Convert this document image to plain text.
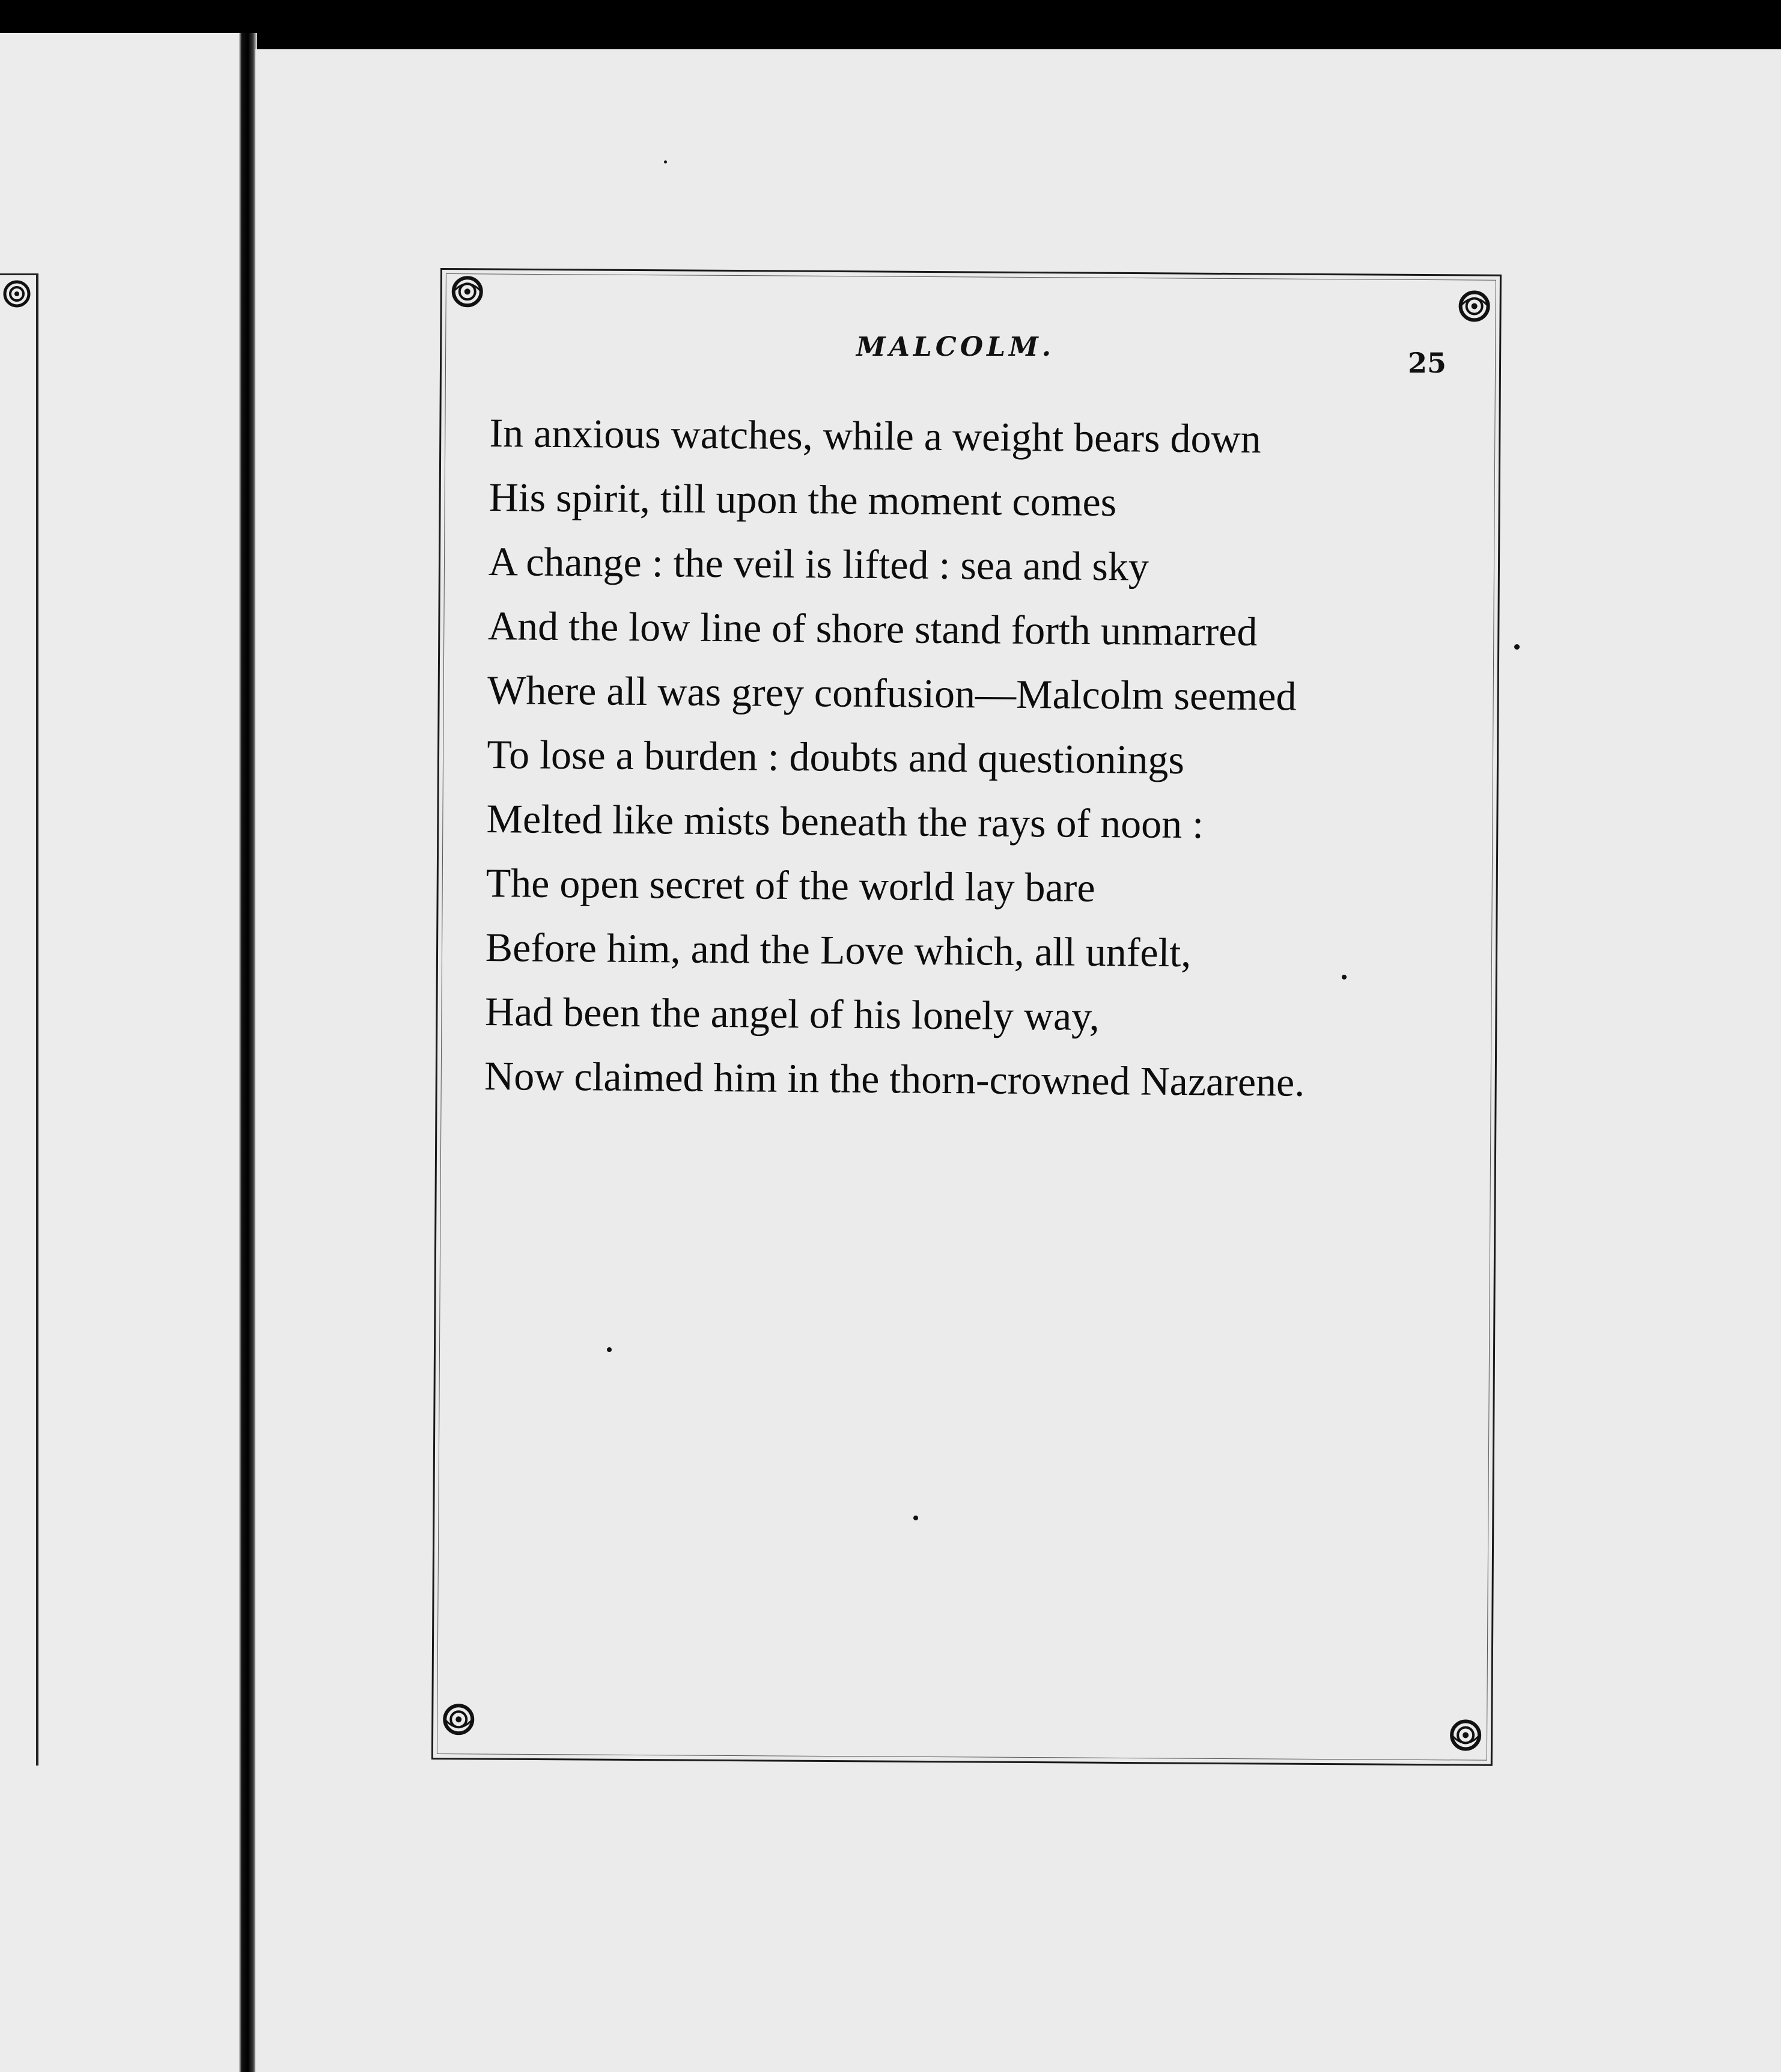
MALCOLM.	25
In anxious watches, while a weight bears down
His spirit, till upon the moment comes
A change : the veil is lifted : sea and sky
And the low line of shore stand forth unmarred
Where all was grey confusion—Malcolm seemed
To lose a burden : doubts and questionings
Melted like mists beneath the rays of noon :
The open secret of the world lay bare
Before him, and the Love which, all unfelt,
Had been the angel of his lonely way,
Now claimed him in the thorn-crowned Nazarene.
